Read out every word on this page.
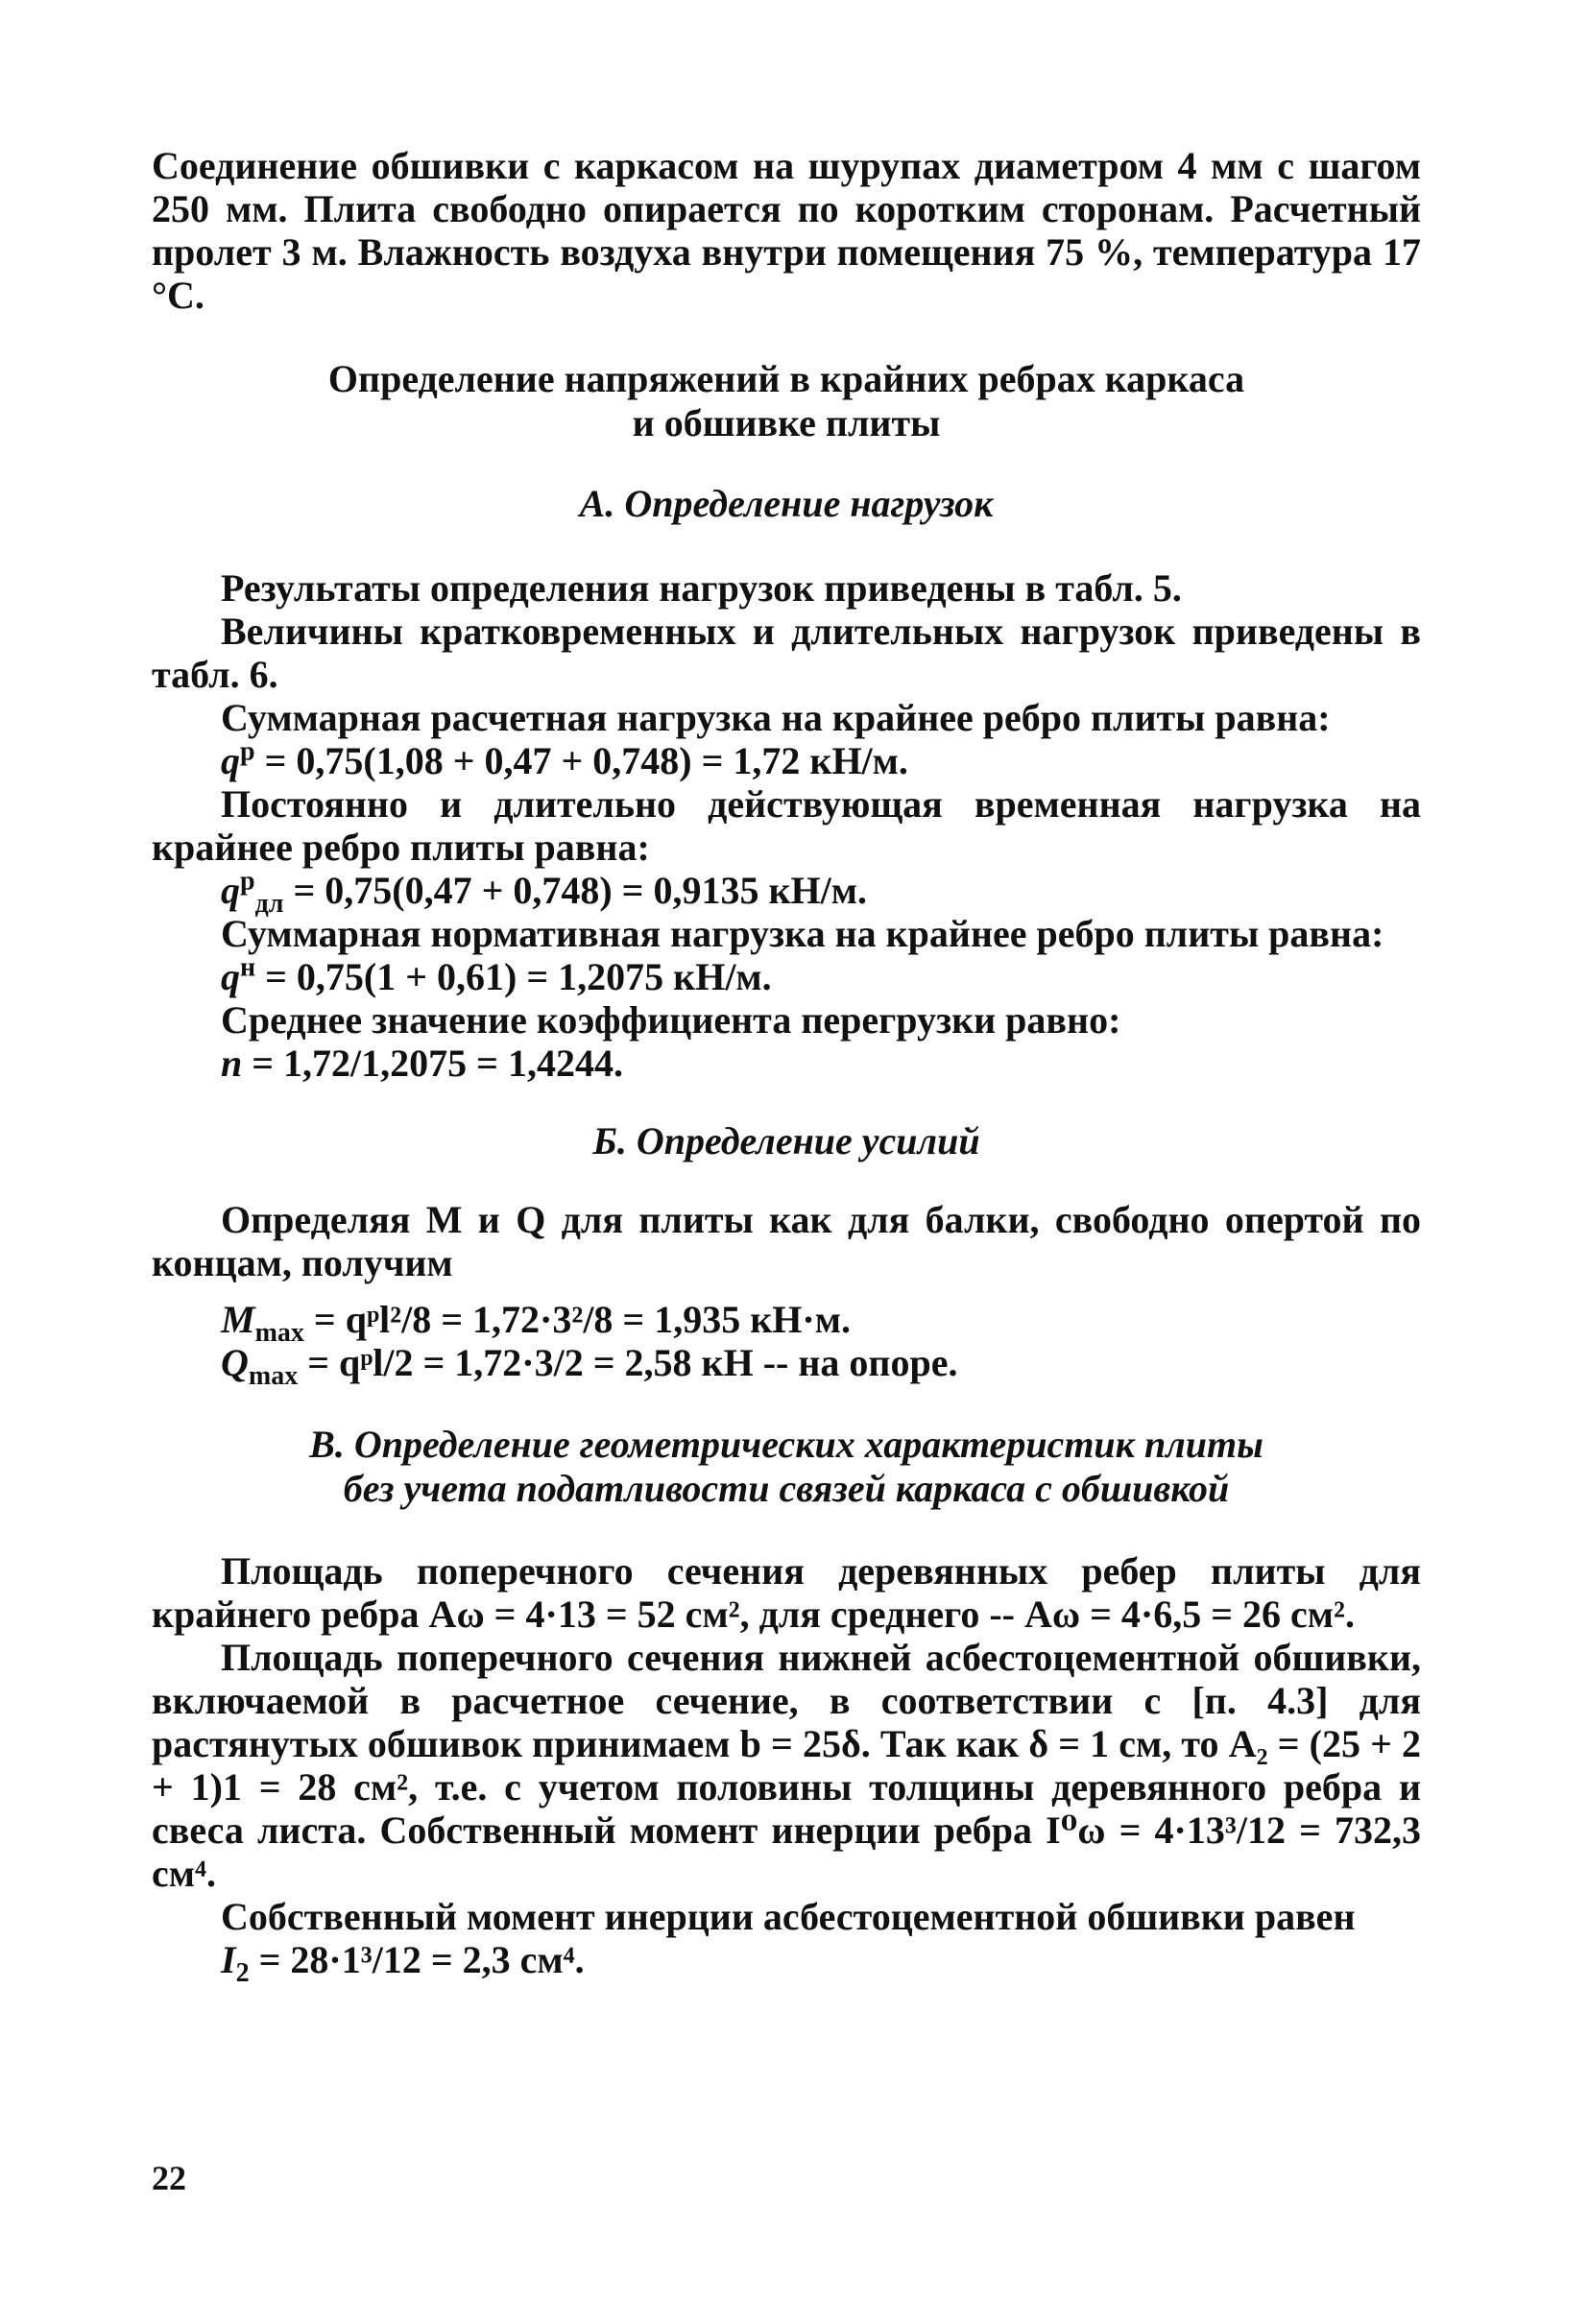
Соединение обшивки с каркасом на шурупах диаметром 4 мм с шагом 250 мм. Плита свободно опирается по коротким сторонам. Расчетный пролет 3 м. Влажность воздуха внутри помещения 75 %, температура 17 °С.

Определение напряжений в крайних ребрах каркаса
и обшивке плиты
А. Определение нагрузок

Результаты определения нагрузок приведены в табл. 5.

Величины кратковременных и длительных нагрузок приведены в табл. 6.

Суммарная расчетная нагрузка на крайнее ребро плиты равна:

$q^р = 0,75(1,08 + 0,47 + 0,748) = 1,72$ кН/м.

Постоянно и длительно действующая временная нагрузка на крайнее ребро плиты равна:

$q^р_{дл} = 0,75(0,47 + 0,748) = 0,9135$ кН/м.

Суммарная нормативная нагрузка на крайнее ребро плиты равна:

$q^н = 0,75(1 + 0,61) = 1,2075$ кН/м.

Среднее значение коэффициента перегрузки равно:

n = 1,72/1,2075 = 1,4244.
Б. Определение усилий

Определяя M и Q для плиты как для балки, свободно опертой по концам, получим

$M_{max}$ = qᵖl²/8 = 1,72·3²/8 = 1,935 кН·м.
$Q_{max}$ = qᵖl/2 = 1,72·3/2 = 2,58 кН -- на опоре.
В. Определение геометрических характеристик плиты
без учета податливости связей каркаса с обшивкой

Площадь поперечного сечения деревянных ребер плиты для крайнего ребра Aω = 4·13 = 52 см², для среднего -- Aω = 4·6,5 = 26 см².

Площадь поперечного сечения нижней асбестоцементной обшивки, включаемой в расчетное сечение, в соответствии с [п. 4.3] для растянутых обшивок принимаем b = 25δ. Так как δ = 1 см, то A₂ = (25 + 2 + 1)1 = 28 см², т.е. с учетом половины толщины деревянного ребра и свеса листа. Собственный момент инерции ребра I⁰ω = 4·13³/12 = 732,3 см⁴.

Собственный момент инерции асбестоцементной обшивки равен

$I_2 = 28\cdot 1^3/12 = 2,3$ см⁴.
22
